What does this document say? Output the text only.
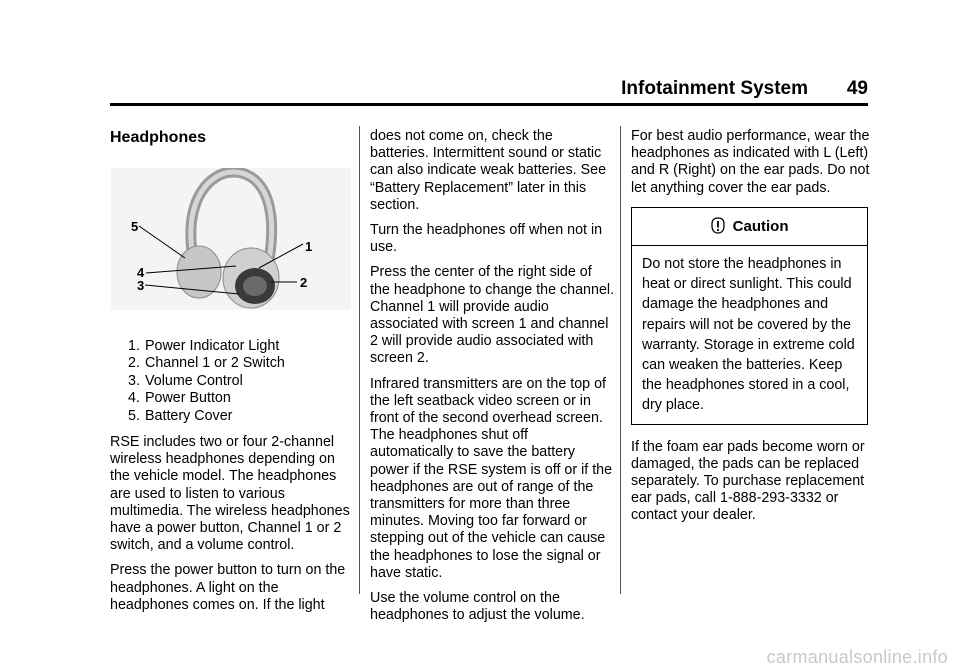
Infotainment System 49
Headphones
5
1
4
3	2
1. Power Indicator Light
2. Channel 1 or 2 Switch
3. Volume Control
4. Power Button
5. Battery Cover

RSE includes two or four 2-channel wireless headphones depending on the vehicle model. The headphones are used to listen to various multimedia. The wireless headphones have a power button, Channel 1 or 2 switch, and a volume control.

Press the power button to turn on the headphones. A light on the headphones comes on. If the light

does not come on, check the batteries. Intermittent sound or static can also indicate weak batteries. See “Battery Replacement” later in this section.

Turn the headphones off when not in use.

Press the center of the right side of the headphone to change the channel. Channel 1 will provide audio associated with screen 1 and channel 2 will provide audio associated with screen 2.

Infrared transmitters are on the top of the left seatback video screen or in front of the second overhead screen. The headphones shut off automatically to save the battery power if the RSE system is off or if the headphones are out of range of the transmitters for more than three minutes. Moving too far forward or stepping out of the vehicle can cause the headphones to lose the signal or have static.

Use the volume control on the headphones to adjust the volume.

For best audio performance, wear the headphones as indicated with L (Left) and R (Right) on the ear pads. Do not let anything cover the ear pads.

Caution
Do not store the headphones in heat or direct sunlight. This could damage the headphones and repairs will not be covered by the warranty. Storage in extreme cold can weaken the batteries. Keep the headphones stored in a cool, dry place.

If the foam ear pads become worn or damaged, the pads can be replaced separately. To purchase replacement ear pads, call 1-888-293-3332 or contact your dealer.

carmanualsonline.info
